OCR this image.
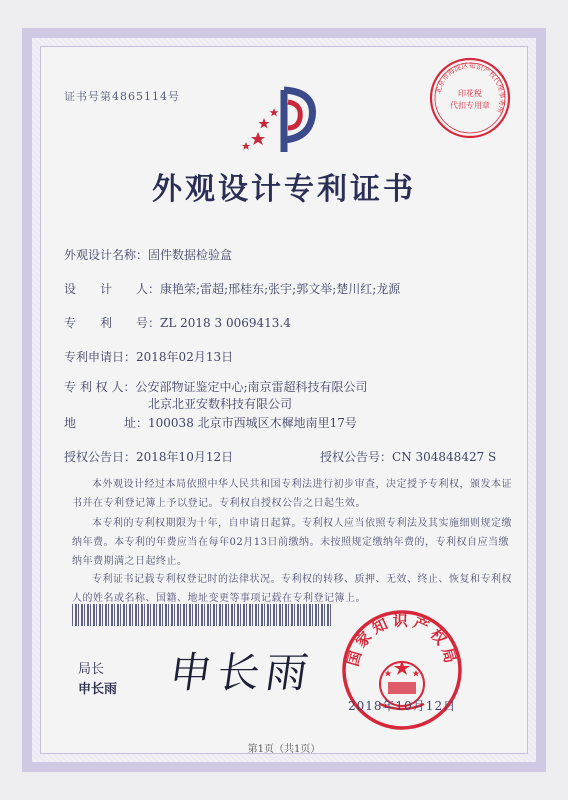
证书号第4865114号	北京市海淀区知识产权代理事务所
印花税
代扣专用章
外观设计专利证书
外观设计名称：固件数据检验盒
设　　计　　人：康艳荣;雷超;邢桂东;张宇;郭文举;楚川红;龙源
专　　利　　号：ZL 2018 3 0069413.4
专利申请日：2018年02月13日
专 利 权 人：公安部物证鉴定中心;南京雷超科技有限公司
北京北亚安数科技有限公司
地　　　　址：100038 北京市西城区木樨地南里17号
授权公告日：2018年10月12日	授权公告号：CN 304848427 S
本外观设计经过本局依照中华人民共和国专利法进行初步审查，决定授予专利权，颁发本证书并在专利登记簿上予以登记。专利权自授权公告之日起生效。
本专利的专利权期限为十年，自申请日起算。专利权人应当依照专利法及其实施细则规定缴纳年费。本专利的年费应当在每年02月13日前缴纳。未按照规定缴纳年费的，专利权自应当缴纳年费期满之日起终止。
专利证书记载专利权登记时的法律状况。专利权的转移、质押、无效、终止、恢复和专利权人的姓名或名称、国籍、地址变更等事项记载在专利登记簿上。
局长
申长雨 申长雨 国家知识产权局
2018年10月12日
第1页（共1页）
